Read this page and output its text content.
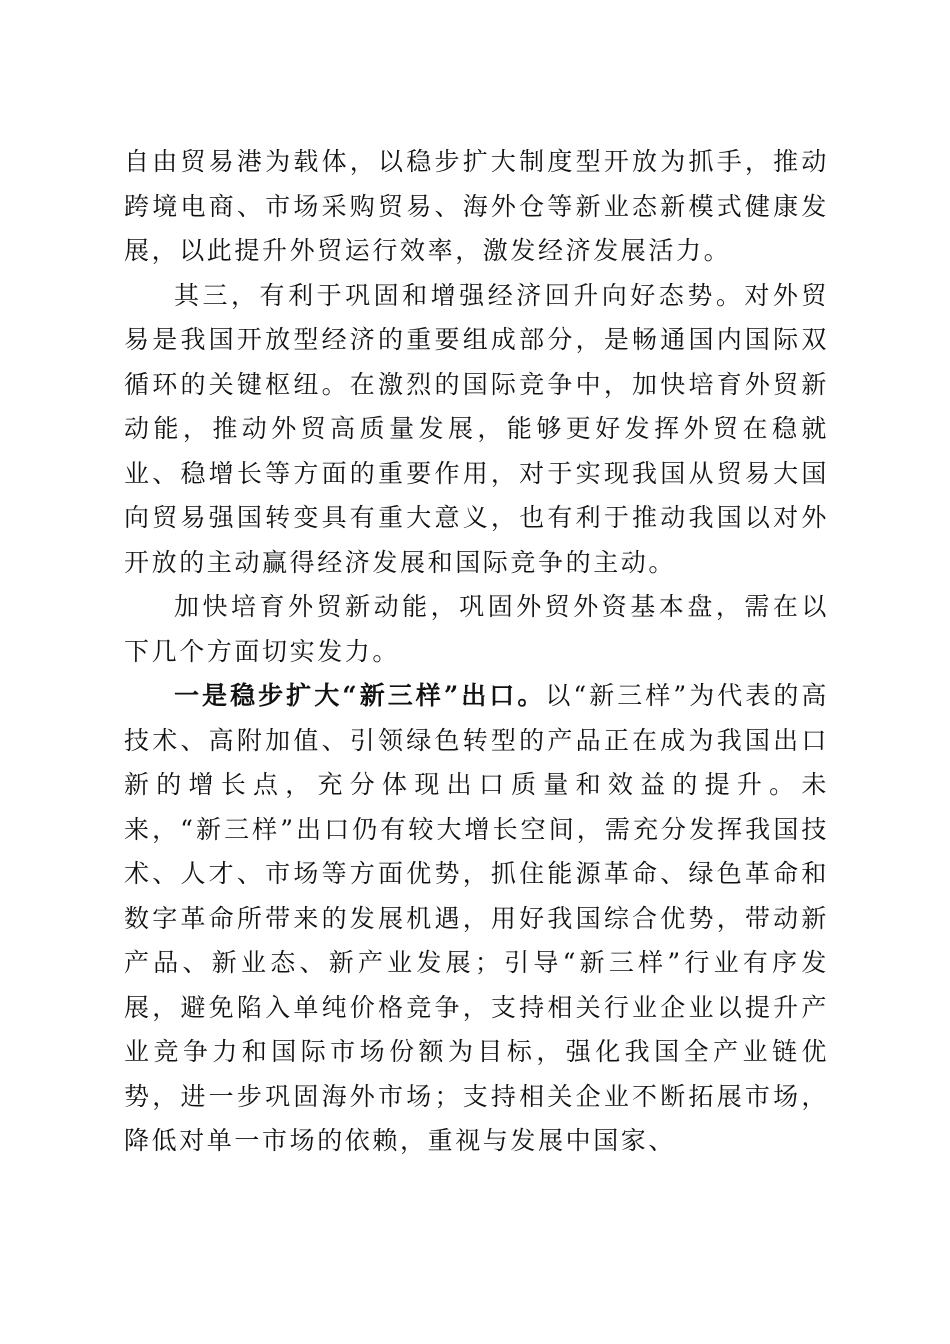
自由贸易港为载体，以稳步扩大制度型开放为抓手，推动跨境电商、市场采购贸易、海外仓等新业态新模式健康发展，以此提升外贸运行效率，激发经济发展活力。

其三，有利于巩固和增强经济回升向好态势。对外贸易是我国开放型经济的重要组成部分，是畅通国内国际双循环的关键枢纽。在激烈的国际竞争中，加快培育外贸新动能，推动外贸高质量发展，能够更好发挥外贸在稳就业、稳增长等方面的重要作用，对于实现我国从贸易大国向贸易强国转变具有重大意义，也有利于推动我国以对外开放的主动赢得经济发展和国际竞争的主动。

加快培育外贸新动能，巩固外贸外资基本盘，需在以下几个方面切实发力。

一是稳步扩大“新三样”出口。以“新三样”为代表的高技术、高附加值、引领绿色转型的产品正在成为我国出口新的增长点，充分体现出口质量和效益的提升。未来，“新三样”出口仍有较大增长空间，需充分发挥我国技术、人才、市场等方面优势，抓住能源革命、绿色革命和数字革命所带来的发展机遇，用好我国综合优势，带动新产品、新业态、新产业发展；引导“新三样”行业有序发展，避免陷入单纯价格竞争，支持相关行业企业以提升产业竞争力和国际市场份额为目标，强化我国全产业链优势，进一步巩固海外市场；支持相关企业不断拓展市场，降低对单一市场的依赖，重视与发展中国家、
